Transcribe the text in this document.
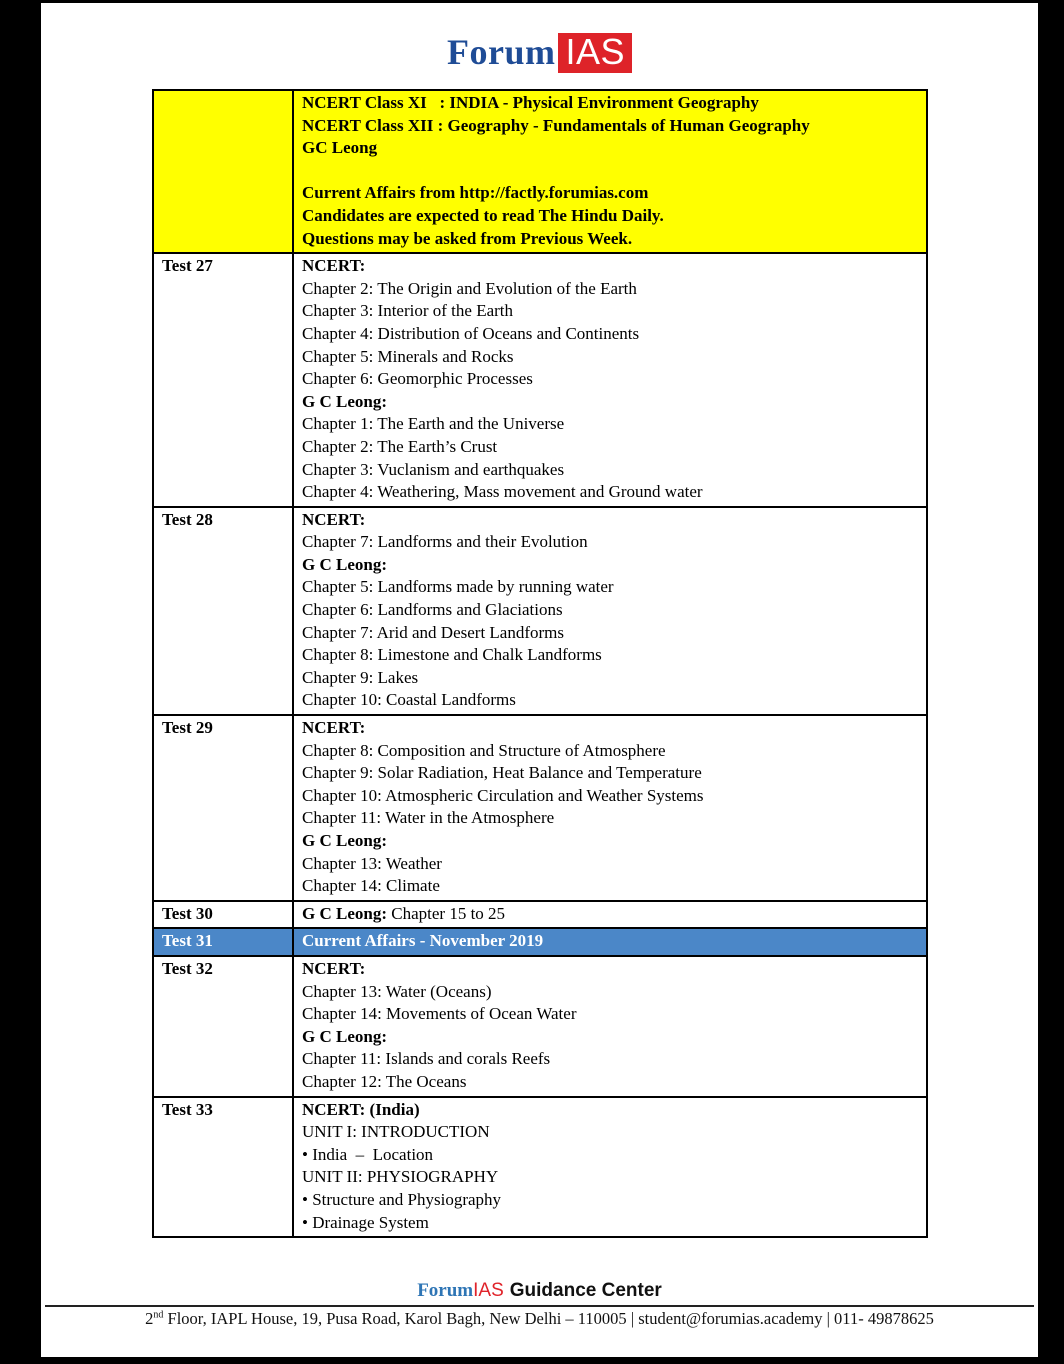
Forum IAS

NCERT Class XI   : INDIA - Physical Environment Geography
NCERT Class XII : Geography - Fundamentals of Human Geography
GC Leong
Current Affairs from http://factly.forumias.com
Candidates are expected to read The Hindu Daily.
Questions may be asked from Previous Week.

Test 27	NCERT:
Chapter 2: The Origin and Evolution of the Earth
Chapter 3: Interior of the Earth
Chapter 4: Distribution of Oceans and Continents
Chapter 5: Minerals and Rocks
Chapter 6: Geomorphic Processes
G C Leong:
Chapter 1: The Earth and the Universe
Chapter 2: The Earth’s Crust
Chapter 3: Vuclanism and earthquakes
Chapter 4: Weathering, Mass movement and Ground water

Test 28	NCERT:
Chapter 7: Landforms and their Evolution
G C Leong:
Chapter 5: Landforms made by running water
Chapter 6: Landforms and Glaciations
Chapter 7: Arid and Desert Landforms
Chapter 8: Limestone and Chalk Landforms
Chapter 9: Lakes
Chapter 10: Coastal Landforms

Test 29	NCERT:
Chapter 8: Composition and Structure of Atmosphere
Chapter 9: Solar Radiation, Heat Balance and Temperature
Chapter 10: Atmospheric Circulation and Weather Systems
Chapter 11: Water in the Atmosphere
G C Leong:
Chapter 13: Weather
Chapter 14: Climate

Test 30	G C Leong: Chapter 15 to 25

Test 31	Current Affairs - November 2019

Test 32	NCERT:
Chapter 13: Water (Oceans)
Chapter 14: Movements of Ocean Water
G C Leong:
Chapter 11: Islands and corals Reefs
Chapter 12: The Oceans

Test 33	NCERT: (India)
UNIT I: INTRODUCTION
• India  –  Location
UNIT II: PHYSIOGRAPHY
• Structure and Physiography
• Drainage System
ForumIAS Guidance Center
2nd Floor, IAPL House, 19, Pusa Road, Karol Bagh, New Delhi – 110005 | student@forumias.academy | 011- 49878625
